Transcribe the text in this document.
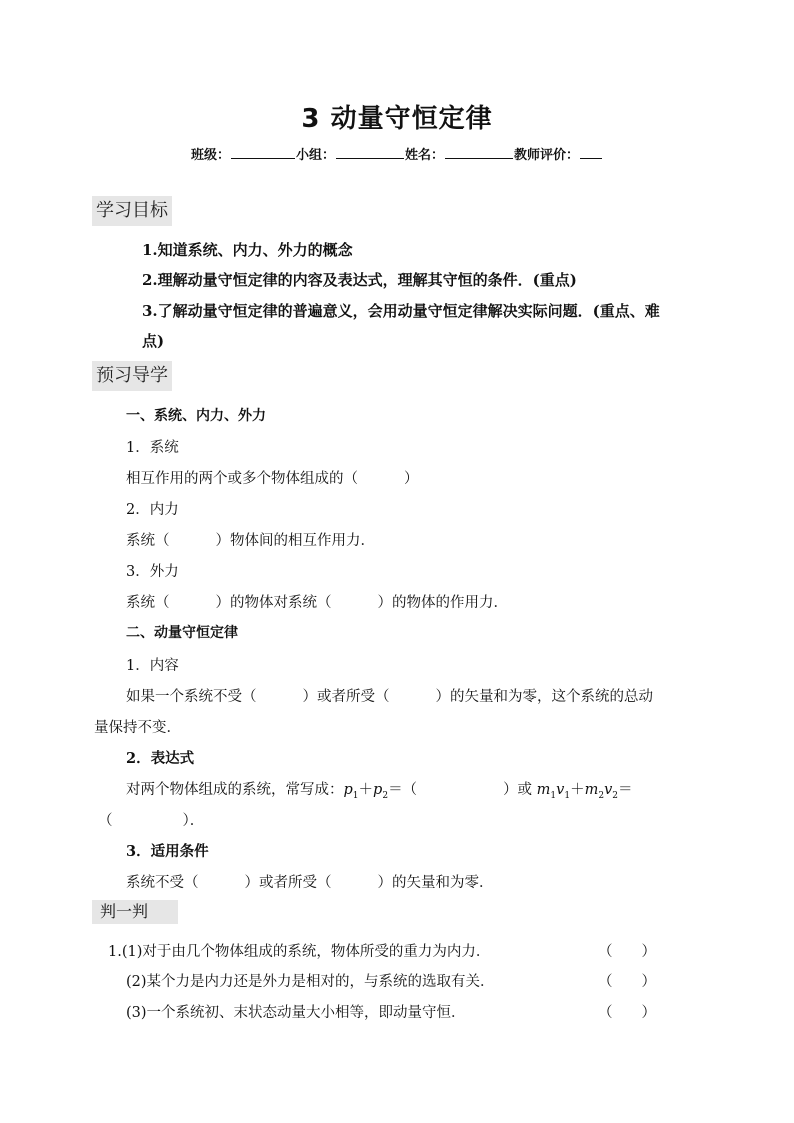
3 动量守恒定律
班级：	小组：	姓名：	教师评价：
学习目标
1.知道系统、内力、外力的概念
2.理解动量守恒定律的内容及表达式，理解其守恒的条件．(重点)
3.了解动量守恒定律的普遍意义，会用动量守恒定律解决实际问题．(重点、难
点)
预习导学
一、系统、内力、外力
1．系统
相互作用的两个或多个物体组成的（	）
2．内力
系统（	）物体间的相互作用力．
3．外力
系统（	）的物体对系统（	）的物体的作用力．
二、动量守恒定律
1．内容
如果一个系统不受（	）或者所受（	）的矢量和为零，这个系统的总动
量保持不变．
2．表达式
对两个物体组成的系统，常写成：$p_1+p_2=$（	）或 $m_1v_1+m_2v_2=$
（	）．
3．适用条件
系统不受（	）或者所受（	）的矢量和为零．
判一判
1.(1)对于由几个物体组成的系统，物体所受的重力为内力．	（　　）
(2)某个力是内力还是外力是相对的，与系统的选取有关．	（　　）
(3)一个系统初、末状态动量大小相等，即动量守恒．	（　　）
